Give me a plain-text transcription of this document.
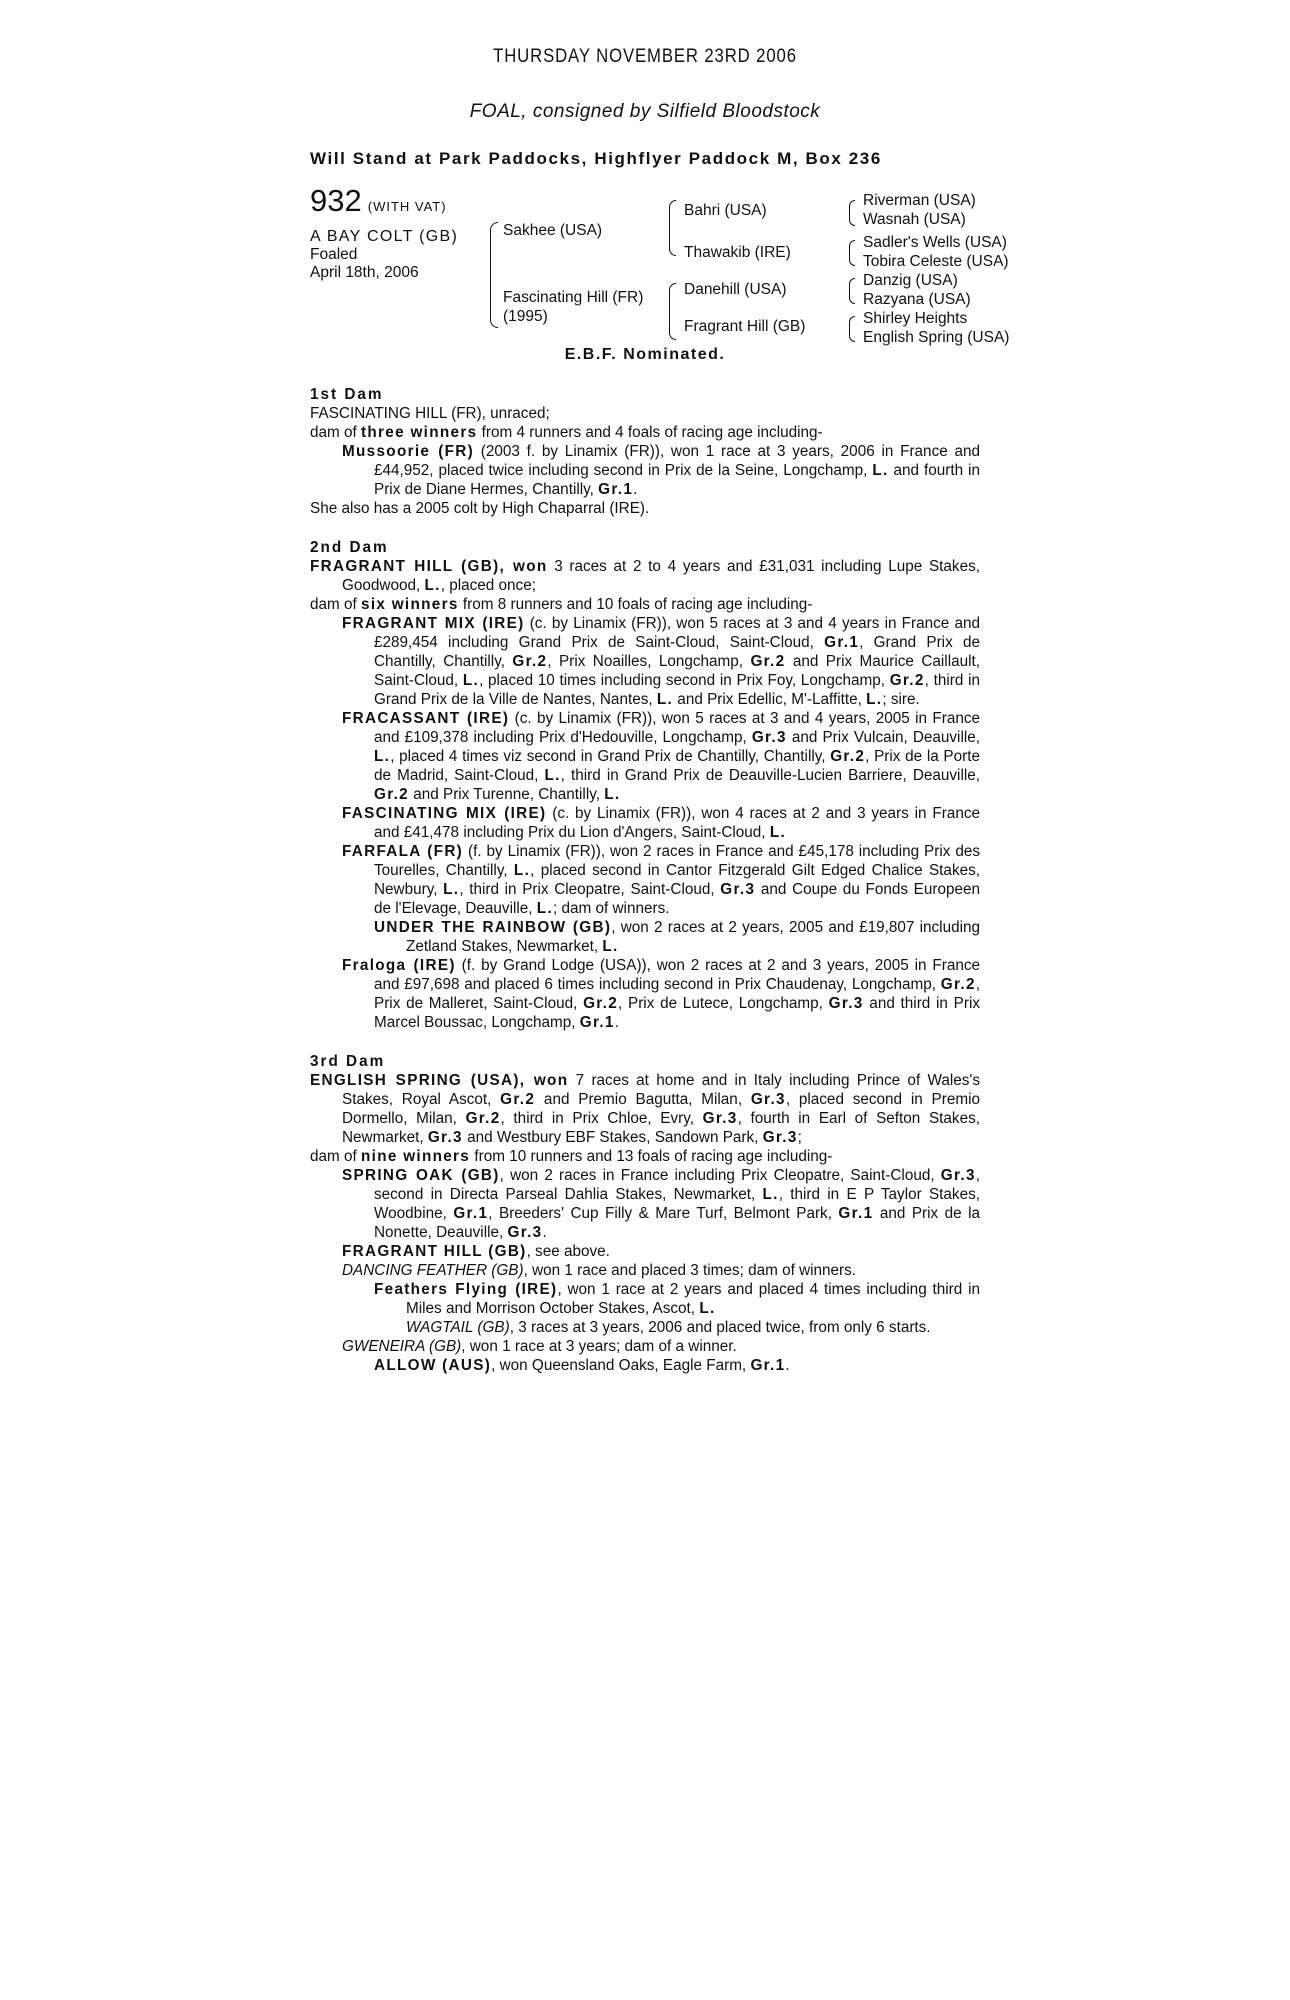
THURSDAY NOVEMBER 23RD 2006
FOAL, consigned by Silfield Bloodstock
Will Stand at Park Paddocks, Highflyer Paddock M, Box 236
932 (WITH VAT)
A BAY COLT (GB)
Foaled
April 18th, 2006
Sakhee (USA)
Fascinating Hill (FR)
(1995)
Bahri (USA)
Thawakib (IRE)
Danehill (USA)
Fragrant Hill (GB)
Riverman (USA)
Wasnah (USA)
Sadler's Wells (USA)
Tobira Celeste (USA)
Danzig (USA)
Razyana (USA)
Shirley Heights
English Spring (USA)
E.B.F. Nominated.
1st Dam
FASCINATING HILL (FR), unraced;
dam of three winners from 4 runners and 4 foals of racing age including-
Mussoorie (FR) (2003 f. by Linamix (FR)), won 1 race at 3 years, 2006 in France and £44,952, placed twice including second in Prix de la Seine, Longchamp, L. and fourth in Prix de Diane Hermes, Chantilly, Gr.1.
She also has a 2005 colt by High Chaparral (IRE).
2nd Dam
FRAGRANT HILL (GB), won 3 races at 2 to 4 years and £31,031 including Lupe Stakes, Goodwood, L., placed once;
dam of six winners from 8 runners and 10 foals of racing age including-
FRAGRANT MIX (IRE) (c. by Linamix (FR)), won 5 races at 3 and 4 years in France and £289,454 including Grand Prix de Saint-Cloud, Saint-Cloud, Gr.1, Grand Prix de Chantilly, Chantilly, Gr.2, Prix Noailles, Longchamp, Gr.2 and Prix Maurice Caillault, Saint-Cloud, L., placed 10 times including second in Prix Foy, Longchamp, Gr.2, third in Grand Prix de la Ville de Nantes, Nantes, L. and Prix Edellic, M'-Laffitte, L.; sire.
FRACASSANT (IRE) (c. by Linamix (FR)), won 5 races at 3 and 4 years, 2005 in France and £109,378 including Prix d'Hedouville, Longchamp, Gr.3 and Prix Vulcain, Deauville, L., placed 4 times viz second in Grand Prix de Chantilly, Chantilly, Gr.2, Prix de la Porte de Madrid, Saint-Cloud, L., third in Grand Prix de Deauville-Lucien Barriere, Deauville, Gr.2 and Prix Turenne, Chantilly, L.
FASCINATING MIX (IRE) (c. by Linamix (FR)), won 4 races at 2 and 3 years in France and £41,478 including Prix du Lion d'Angers, Saint-Cloud, L.
FARFALA (FR) (f. by Linamix (FR)), won 2 races in France and £45,178 including Prix des Tourelles, Chantilly, L., placed second in Cantor Fitzgerald Gilt Edged Chalice Stakes, Newbury, L., third in Prix Cleopatre, Saint-Cloud, Gr.3 and Coupe du Fonds Europeen de l'Elevage, Deauville, L.; dam of winners.
UNDER THE RAINBOW (GB), won 2 races at 2 years, 2005 and £19,807 including Zetland Stakes, Newmarket, L.
Fraloga (IRE) (f. by Grand Lodge (USA)), won 2 races at 2 and 3 years, 2005 in France and £97,698 and placed 6 times including second in Prix Chaudenay, Longchamp, Gr.2, Prix de Malleret, Saint-Cloud, Gr.2, Prix de Lutece, Longchamp, Gr.3 and third in Prix Marcel Boussac, Longchamp, Gr.1.
3rd Dam
ENGLISH SPRING (USA), won 7 races at home and in Italy including Prince of Wales's Stakes, Royal Ascot, Gr.2 and Premio Bagutta, Milan, Gr.3, placed second in Premio Dormello, Milan, Gr.2, third in Prix Chloe, Evry, Gr.3, fourth in Earl of Sefton Stakes, Newmarket, Gr.3 and Westbury EBF Stakes, Sandown Park, Gr.3;
dam of nine winners from 10 runners and 13 foals of racing age including-
SPRING OAK (GB), won 2 races in France including Prix Cleopatre, Saint-Cloud, Gr.3, second in Directa Parseal Dahlia Stakes, Newmarket, L., third in E P Taylor Stakes, Woodbine, Gr.1, Breeders' Cup Filly & Mare Turf, Belmont Park, Gr.1 and Prix de la Nonette, Deauville, Gr.3.
FRAGRANT HILL (GB), see above.
DANCING FEATHER (GB), won 1 race and placed 3 times; dam of winners.
Feathers Flying (IRE), won 1 race at 2 years and placed 4 times including third in Miles and Morrison October Stakes, Ascot, L.
WAGTAIL (GB), 3 races at 3 years, 2006 and placed twice, from only 6 starts.
GWENEIRA (GB), won 1 race at 3 years; dam of a winner.
ALLOW (AUS), won Queensland Oaks, Eagle Farm, Gr.1.
